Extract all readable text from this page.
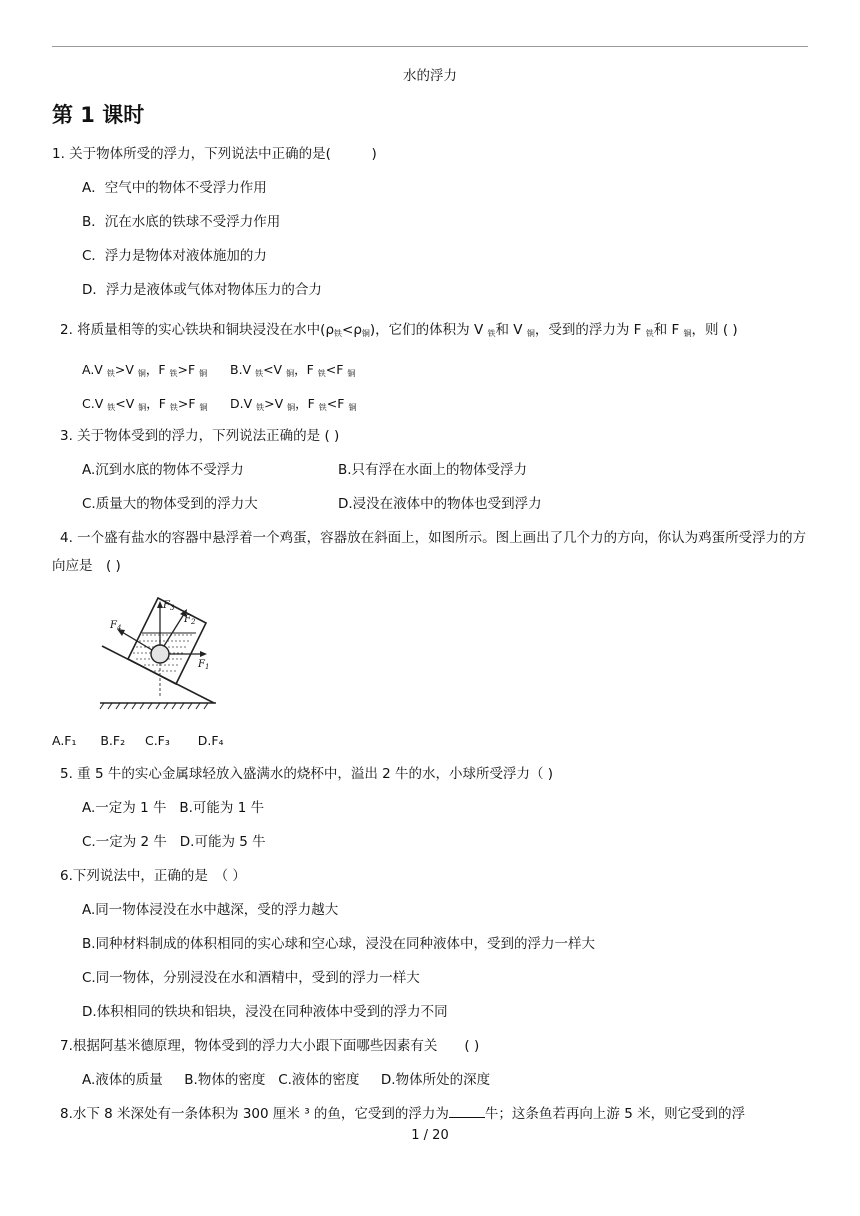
水的浮力
第 1 课时
1. 关于物体所受的浮力，下列说法中正确的是(　　　)
A．空气中的物体不受浮力作用
B．沉在水底的铁球不受浮力作用
C．浮力是物体对液体施加的力
D．浮力是液体或气体对物体压力的合力
2. 将质量相等的实心铁块和铜块浸没在水中$(\rho_铁<\rho_铜)$，它们的体积为 V $_铁$和 V $_铜$，受到的浮力为 F $_铁$和 F $_铜$，则 ( )
A.V $_铁$>V $_铜$，F $_铁$>F $_铜$ B.V $_铁$<V $_铜$，F $_铁$<F $_铜$
C.V $_铁$<V $_铜$，F $_铁$>F $_铜$ D.V $_铁$>V $_铜$，F $_铁$<F $_铜$
3. 关于物体受到的浮力，下列说法正确的是 ( )
A.沉到水底的物体不受浮力	B.只有浮在水面上的物体受浮力
C.质量大的物体受到的浮力大	D.浸没在液体中的物体也受到浮力
4. 一个盛有盐水的容器中悬浮着一个鸡蛋，容器放在斜面上，如图所示。图上画出了几个力的方向，你认为鸡蛋所受浮力的方向应是　( )
$F_3$
$F_2$
$F_4$
$F_1$
A.F₁ B.F₂ C.F₃ D.F₄
5. 重 5 牛的实心金属球轻放入盛满水的烧杯中，溢出 2 牛的水，小球所受浮力（ )
A.一定为 1 牛 B.可能为 1 牛
C.一定为 2 牛 D.可能为 5 牛
6.下列说法中，正确的是　（ ）
A.同一物体浸没在水中越深，受的浮力越大
B.同种材料制成的体积相同的实心球和空心球，浸没在同种液体中，受到的浮力一样大
C.同一物体，分别浸没在水和酒精中，受到的浮力一样大
D.体积相同的铁块和铝块，浸没在同种液体中受到的浮力不同
7.根据阿基米德原理，物体受到的浮力大小跟下面哪些因素有关　　( )
A.液体的质量 B.物体的密度 C.液体的密度 D.物体所处的深度
8.水下 8 米深处有一条体积为 300 厘米 ³ 的鱼，它受到的浮力为	牛；这条鱼若再向上游 5 米，则它受到的浮
1 / 20
